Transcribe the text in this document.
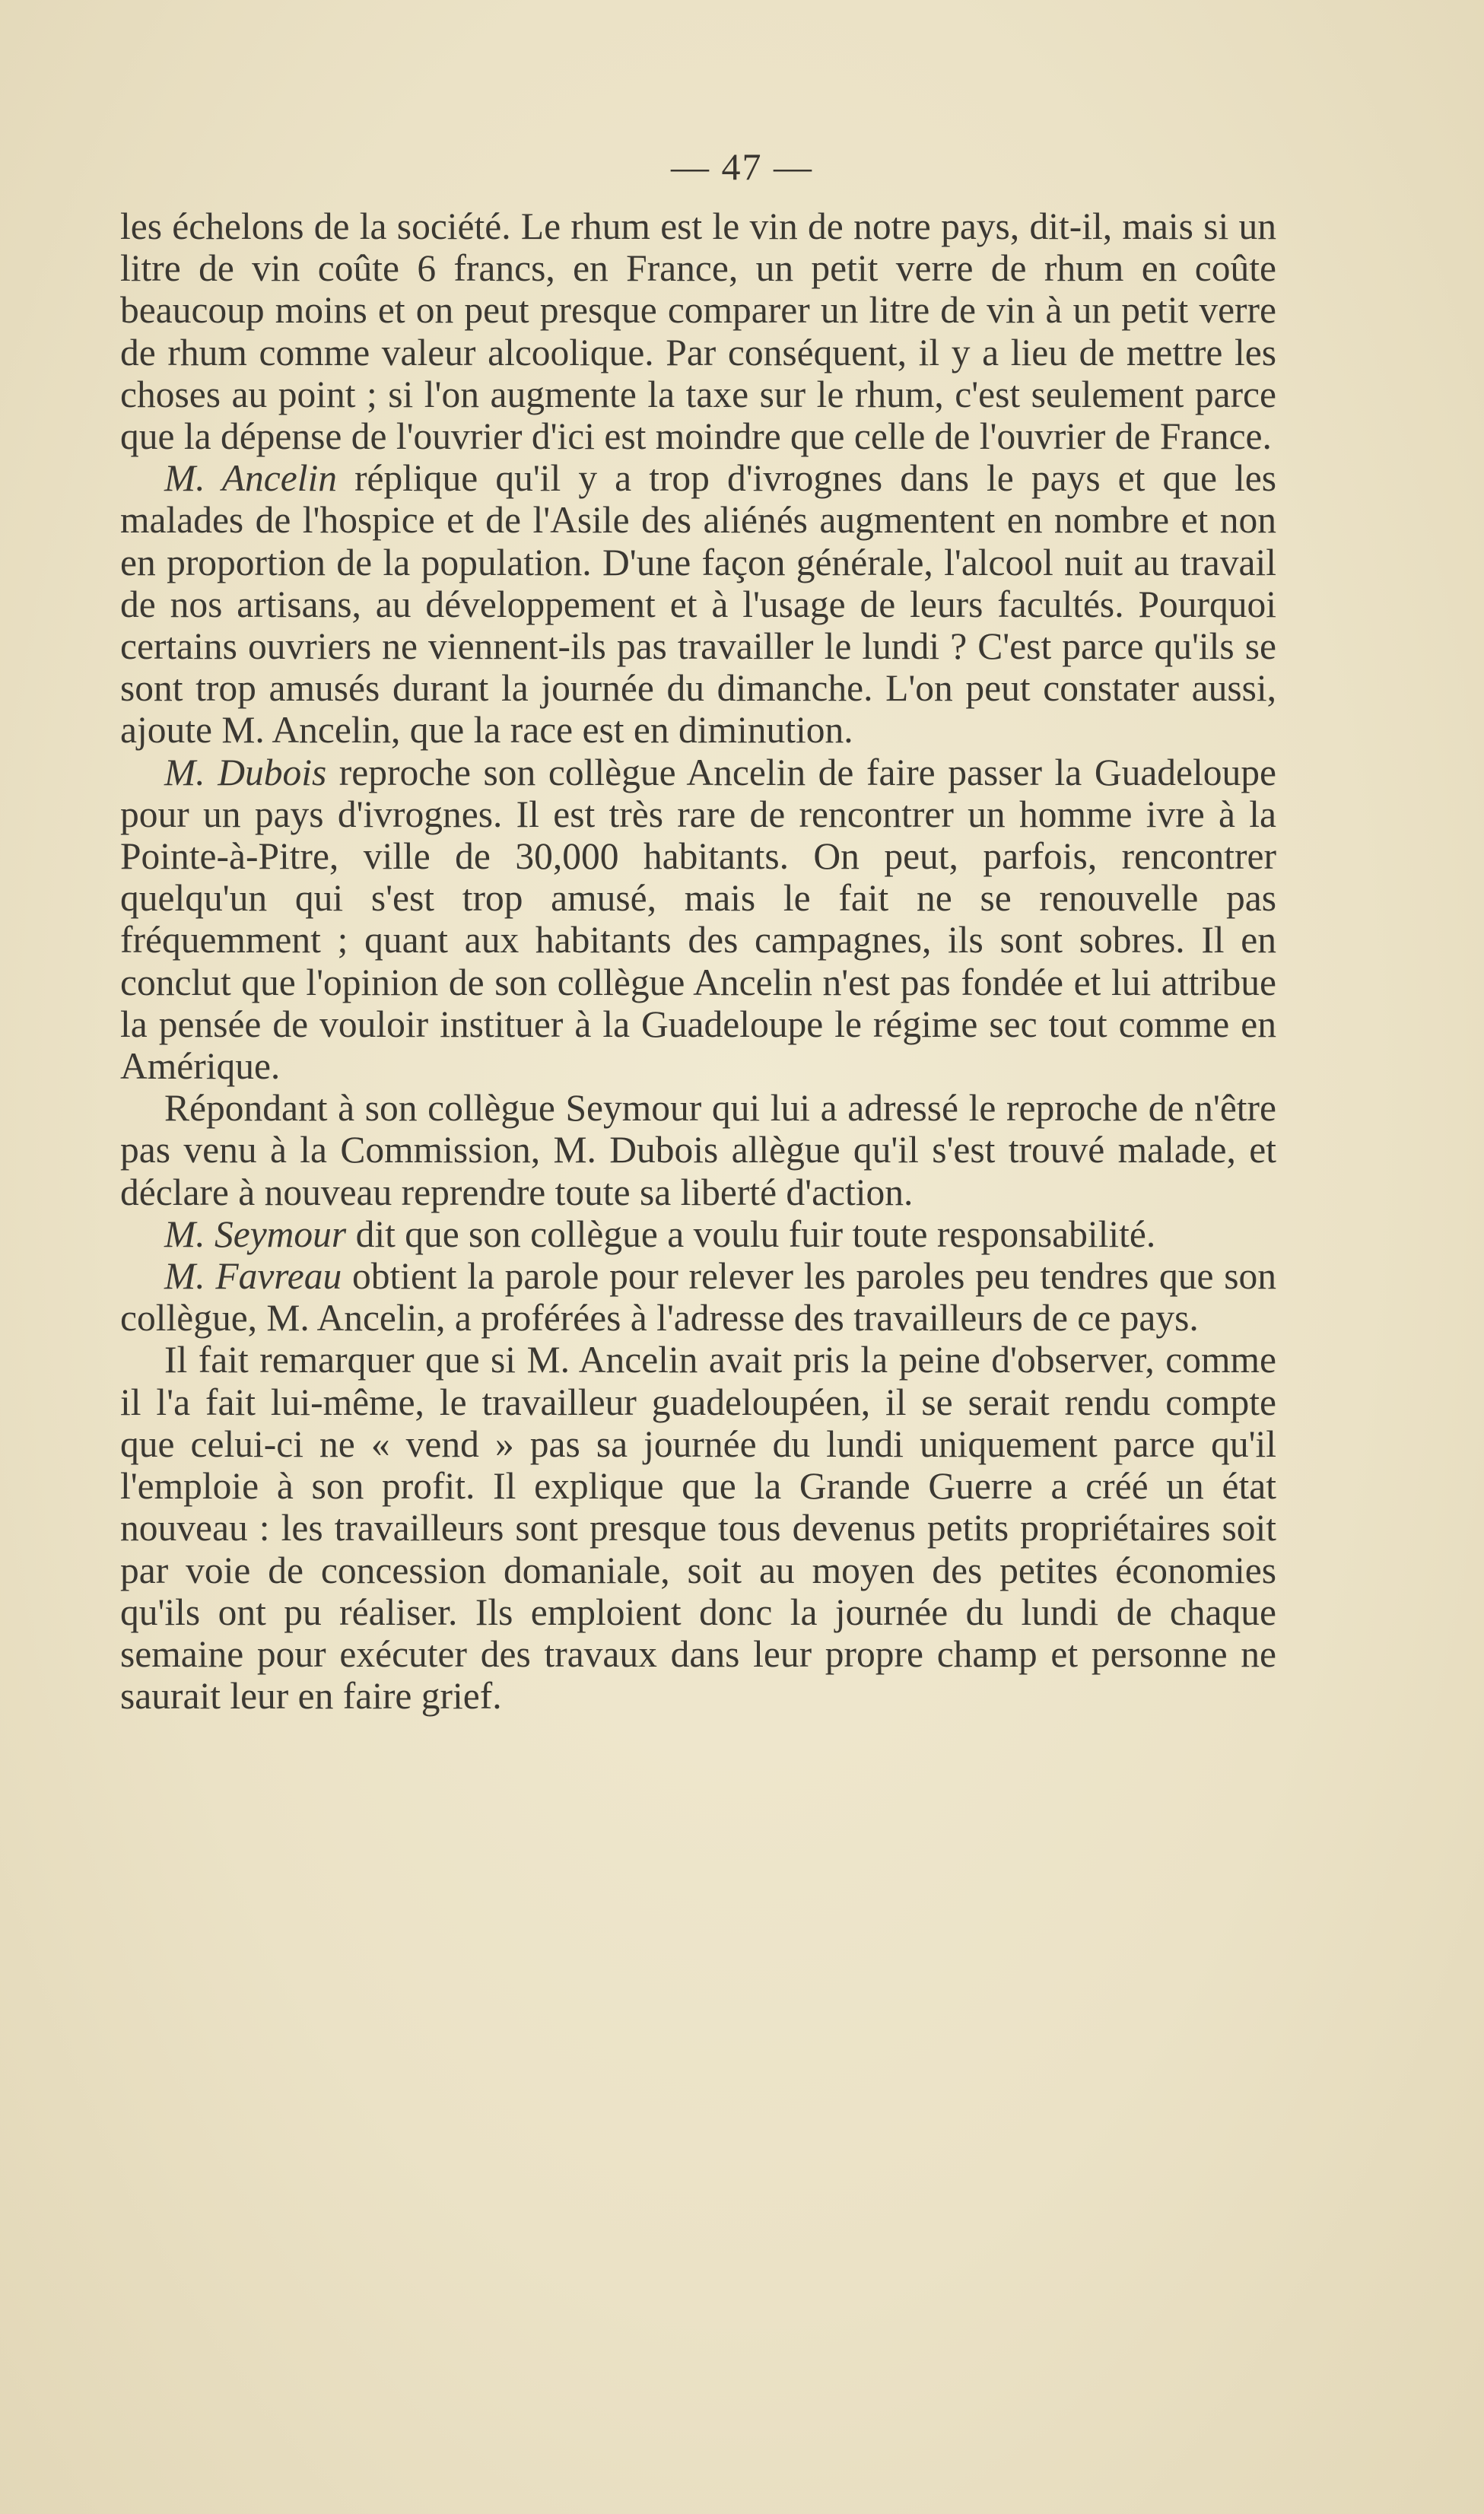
— 47 —

les échelons de la société. Le rhum est le vin de notre pays, dit-il, mais si un litre de vin coûte 6 francs, en France, un petit verre de rhum en coûte beaucoup moins et on peut presque comparer un litre de vin à un petit verre de rhum comme valeur alcoolique. Par conséquent, il y a lieu de mettre les choses au point ; si l'on augmente la taxe sur le rhum, c'est seulement parce que la dépense de l'ouvrier d'ici est moindre que celle de l'ouvrier de France.

M. Ancelin réplique qu'il y a trop d'ivrognes dans le pays et que les malades de l'hospice et de l'Asile des aliénés augmentent en nombre et non en proportion de la population. D'une façon générale, l'alcool nuit au travail de nos artisans, au développement et à l'usage de leurs facultés. Pourquoi certains ouvriers ne viennent-ils pas travailler le lundi ? C'est parce qu'ils se sont trop amusés durant la journée du dimanche. L'on peut constater aussi, ajoute M. Ancelin, que la race est en diminution.

M. Dubois reproche son collègue Ancelin de faire passer la Guadeloupe pour un pays d'ivrognes. Il est très rare de rencontrer un homme ivre à la Pointe-à-Pitre, ville de 30,000 habitants. On peut, parfois, rencontrer quelqu'un qui s'est trop amusé, mais le fait ne se renouvelle pas fréquemment ; quant aux habitants des campagnes, ils sont sobres. Il en conclut que l'opinion de son collègue Ancelin n'est pas fondée et lui attribue la pensée de vouloir instituer à la Guadeloupe le régime sec tout comme en Amérique.

Répondant à son collègue Seymour qui lui a adressé le reproche de n'être pas venu à la Commission, M. Dubois allègue qu'il s'est trouvé malade, et déclare à nouveau reprendre toute sa liberté d'action.

M. Seymour dit que son collègue a voulu fuir toute responsabilité.

M. Favreau obtient la parole pour relever les paroles peu tendres que son collègue, M. Ancelin, a proférées à l'adresse des travailleurs de ce pays.

Il fait remarquer que si M. Ancelin avait pris la peine d'observer, comme il l'a fait lui-même, le travailleur guadeloupéen, il se serait rendu compte que celui-ci ne « vend » pas sa journée du lundi uniquement parce qu'il l'emploie à son profit. Il explique que la Grande Guerre a créé un état nouveau : les travailleurs sont presque tous devenus petits propriétaires soit par voie de concession domaniale, soit au moyen des petites économies qu'ils ont pu réaliser. Ils emploient donc la journée du lundi de chaque semaine pour exécuter des travaux dans leur propre champ et personne ne saurait leur en faire grief.
